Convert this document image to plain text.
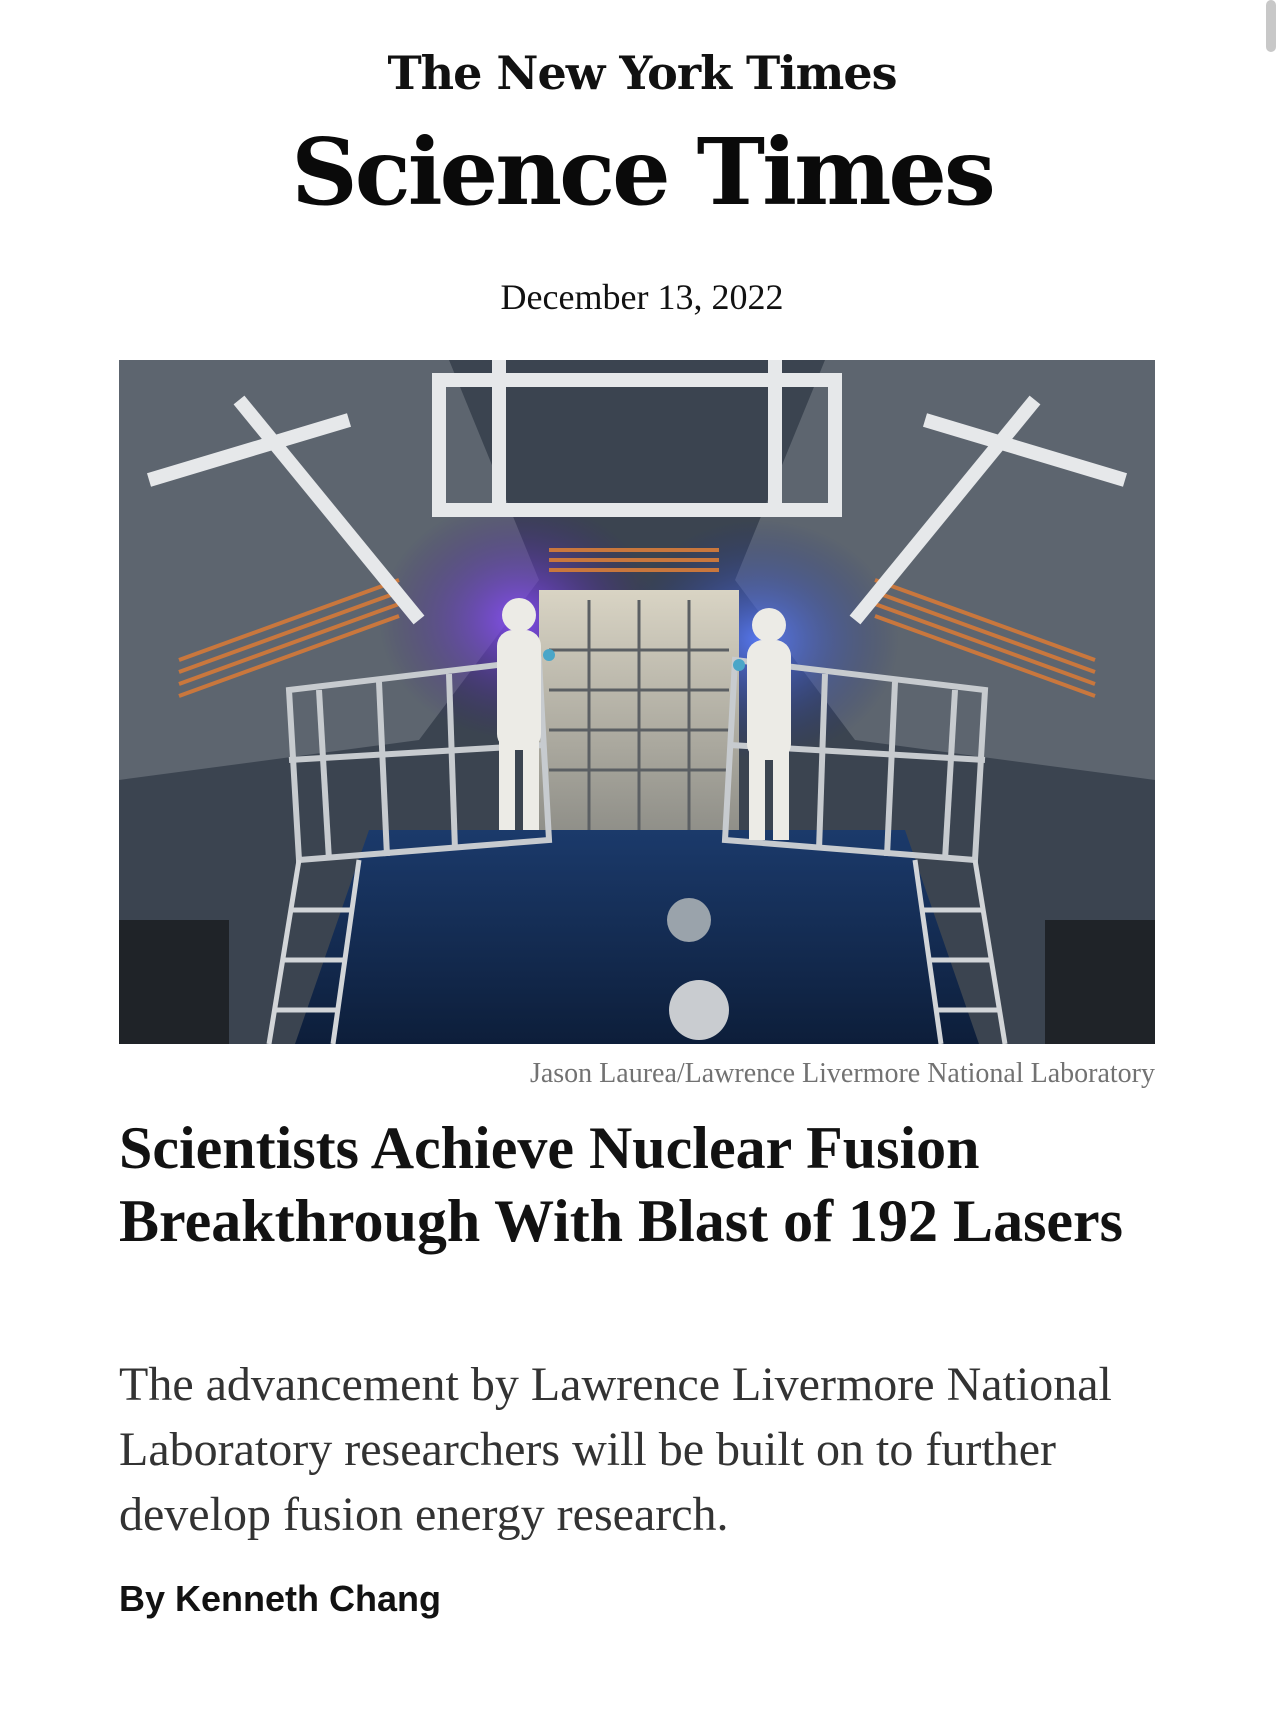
The New York Times
Science Times
December 13, 2022
Jason Laurea/Lawrence Livermore National Laboratory
Scientists Achieve Nuclear Fusion Breakthrough With Blast of 192 Lasers

The advancement by Lawrence Livermore National Laboratory researchers will be built on to further develop fusion energy research.

By Kenneth Chang
